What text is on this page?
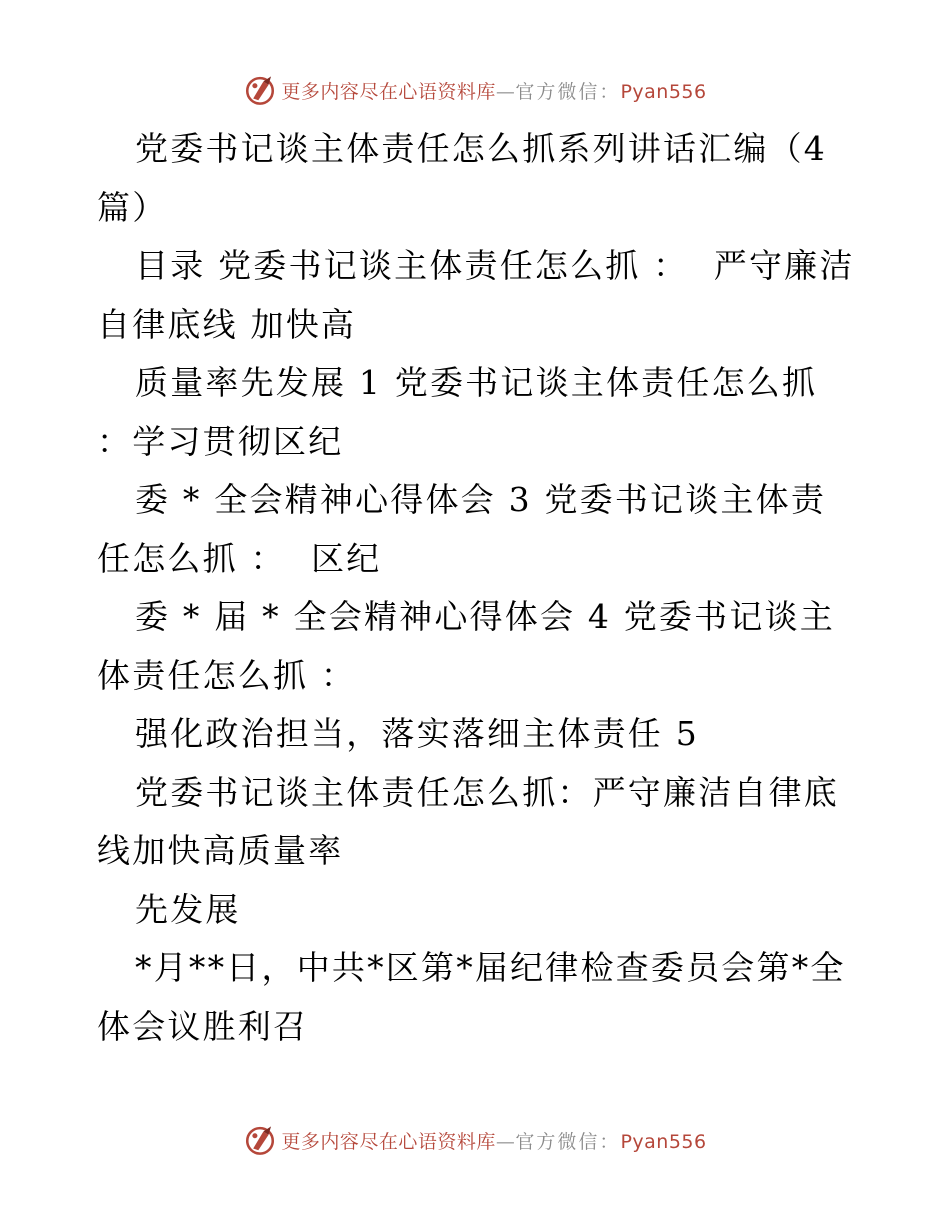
更多内容尽在心语资料库—官方微信：Pyan556

党委书记谈主体责任怎么抓系列讲话汇编（4篇）

目录 党委书记谈主体责任怎么抓 ：  严守廉洁自律底线 加快高

质量率先发展 1 党委书记谈主体责任怎么抓 ：学习贯彻区纪

委 * 全会精神心得体会 3 党委书记谈主体责任怎么抓 ：  区纪

委 * 届 * 全会精神心得体会 4 党委书记谈主体责任怎么抓 ：

强化政治担当，落实落细主体责任 5

党委书记谈主体责任怎么抓：严守廉洁自律底线加快高质量率

先发展

*月**日，中共*区第*届纪律检查委员会第*全体会议胜利召

更多内容尽在心语资料库—官方微信：Pyan556
